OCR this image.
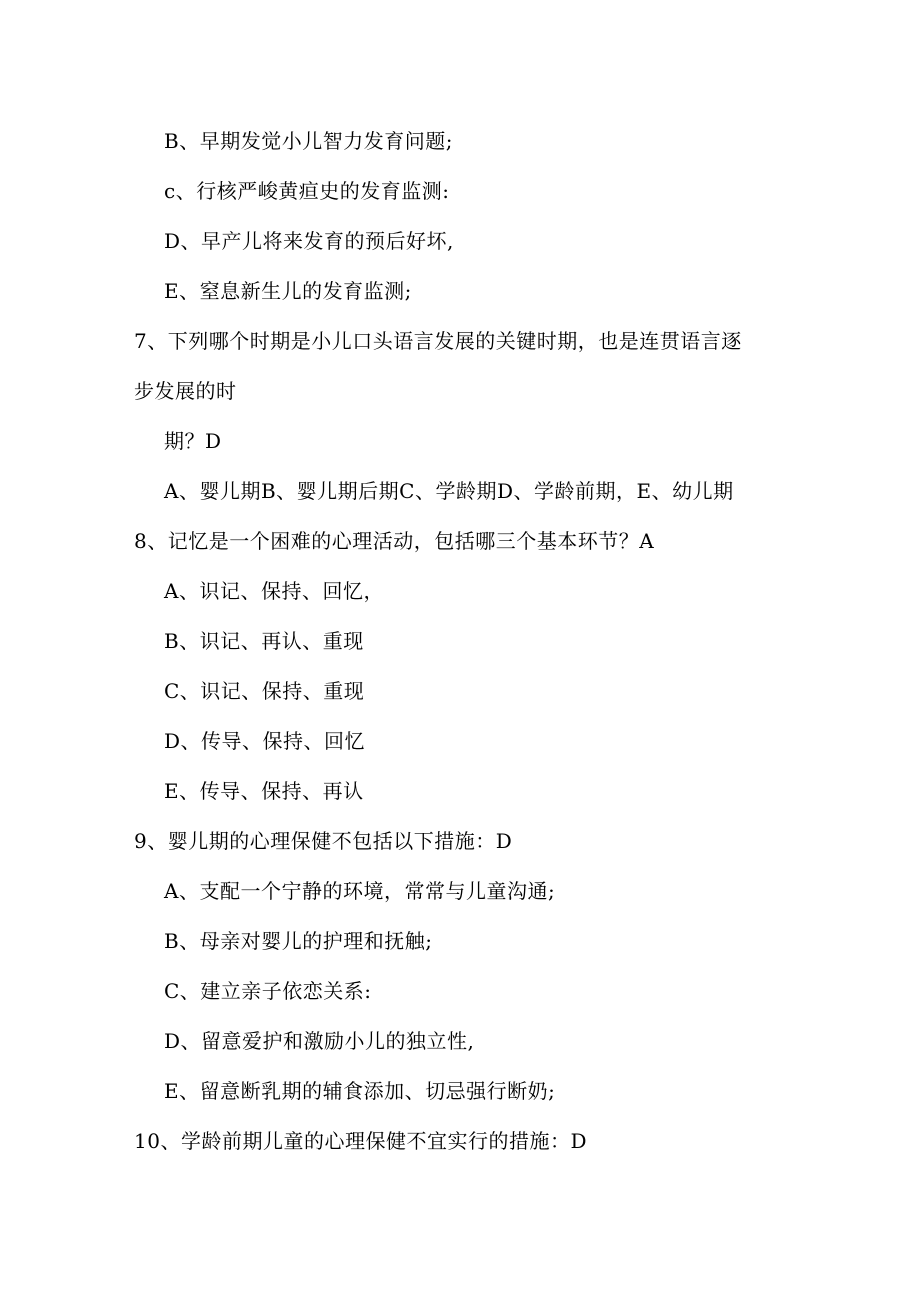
B、早期发觉小儿智力发育问题;
c、行核严峻黄疸史的发育监测:
D、早产儿将来发育的预后好坏,
E、窒息新生儿的发育监测;
7、下列哪个时期是小儿口头语言发展的关键时期，也是连贯语言逐
步发展的时
期？D
A、婴儿期B、婴儿期后期C、学龄期D、学龄前期，E、幼儿期
8、记忆是一个困难的心理活动，包括哪三个基本环节？A
A、识记、保持、回忆，
B、识记、再认、重现
C、识记、保持、重现
D、传导、保持、回忆
E、传导、保持、再认
9、婴儿期的心理保健不包括以下措施：D
A、支配一个宁静的环境，常常与儿童沟通;
B、母亲对婴儿的护理和抚触;
C、建立亲子依恋关系:
D、留意爱护和激励小儿的独立性,
E、留意断乳期的辅食添加、切忌强行断奶;
10、学龄前期儿童的心理保健不宜实行的措施：D
